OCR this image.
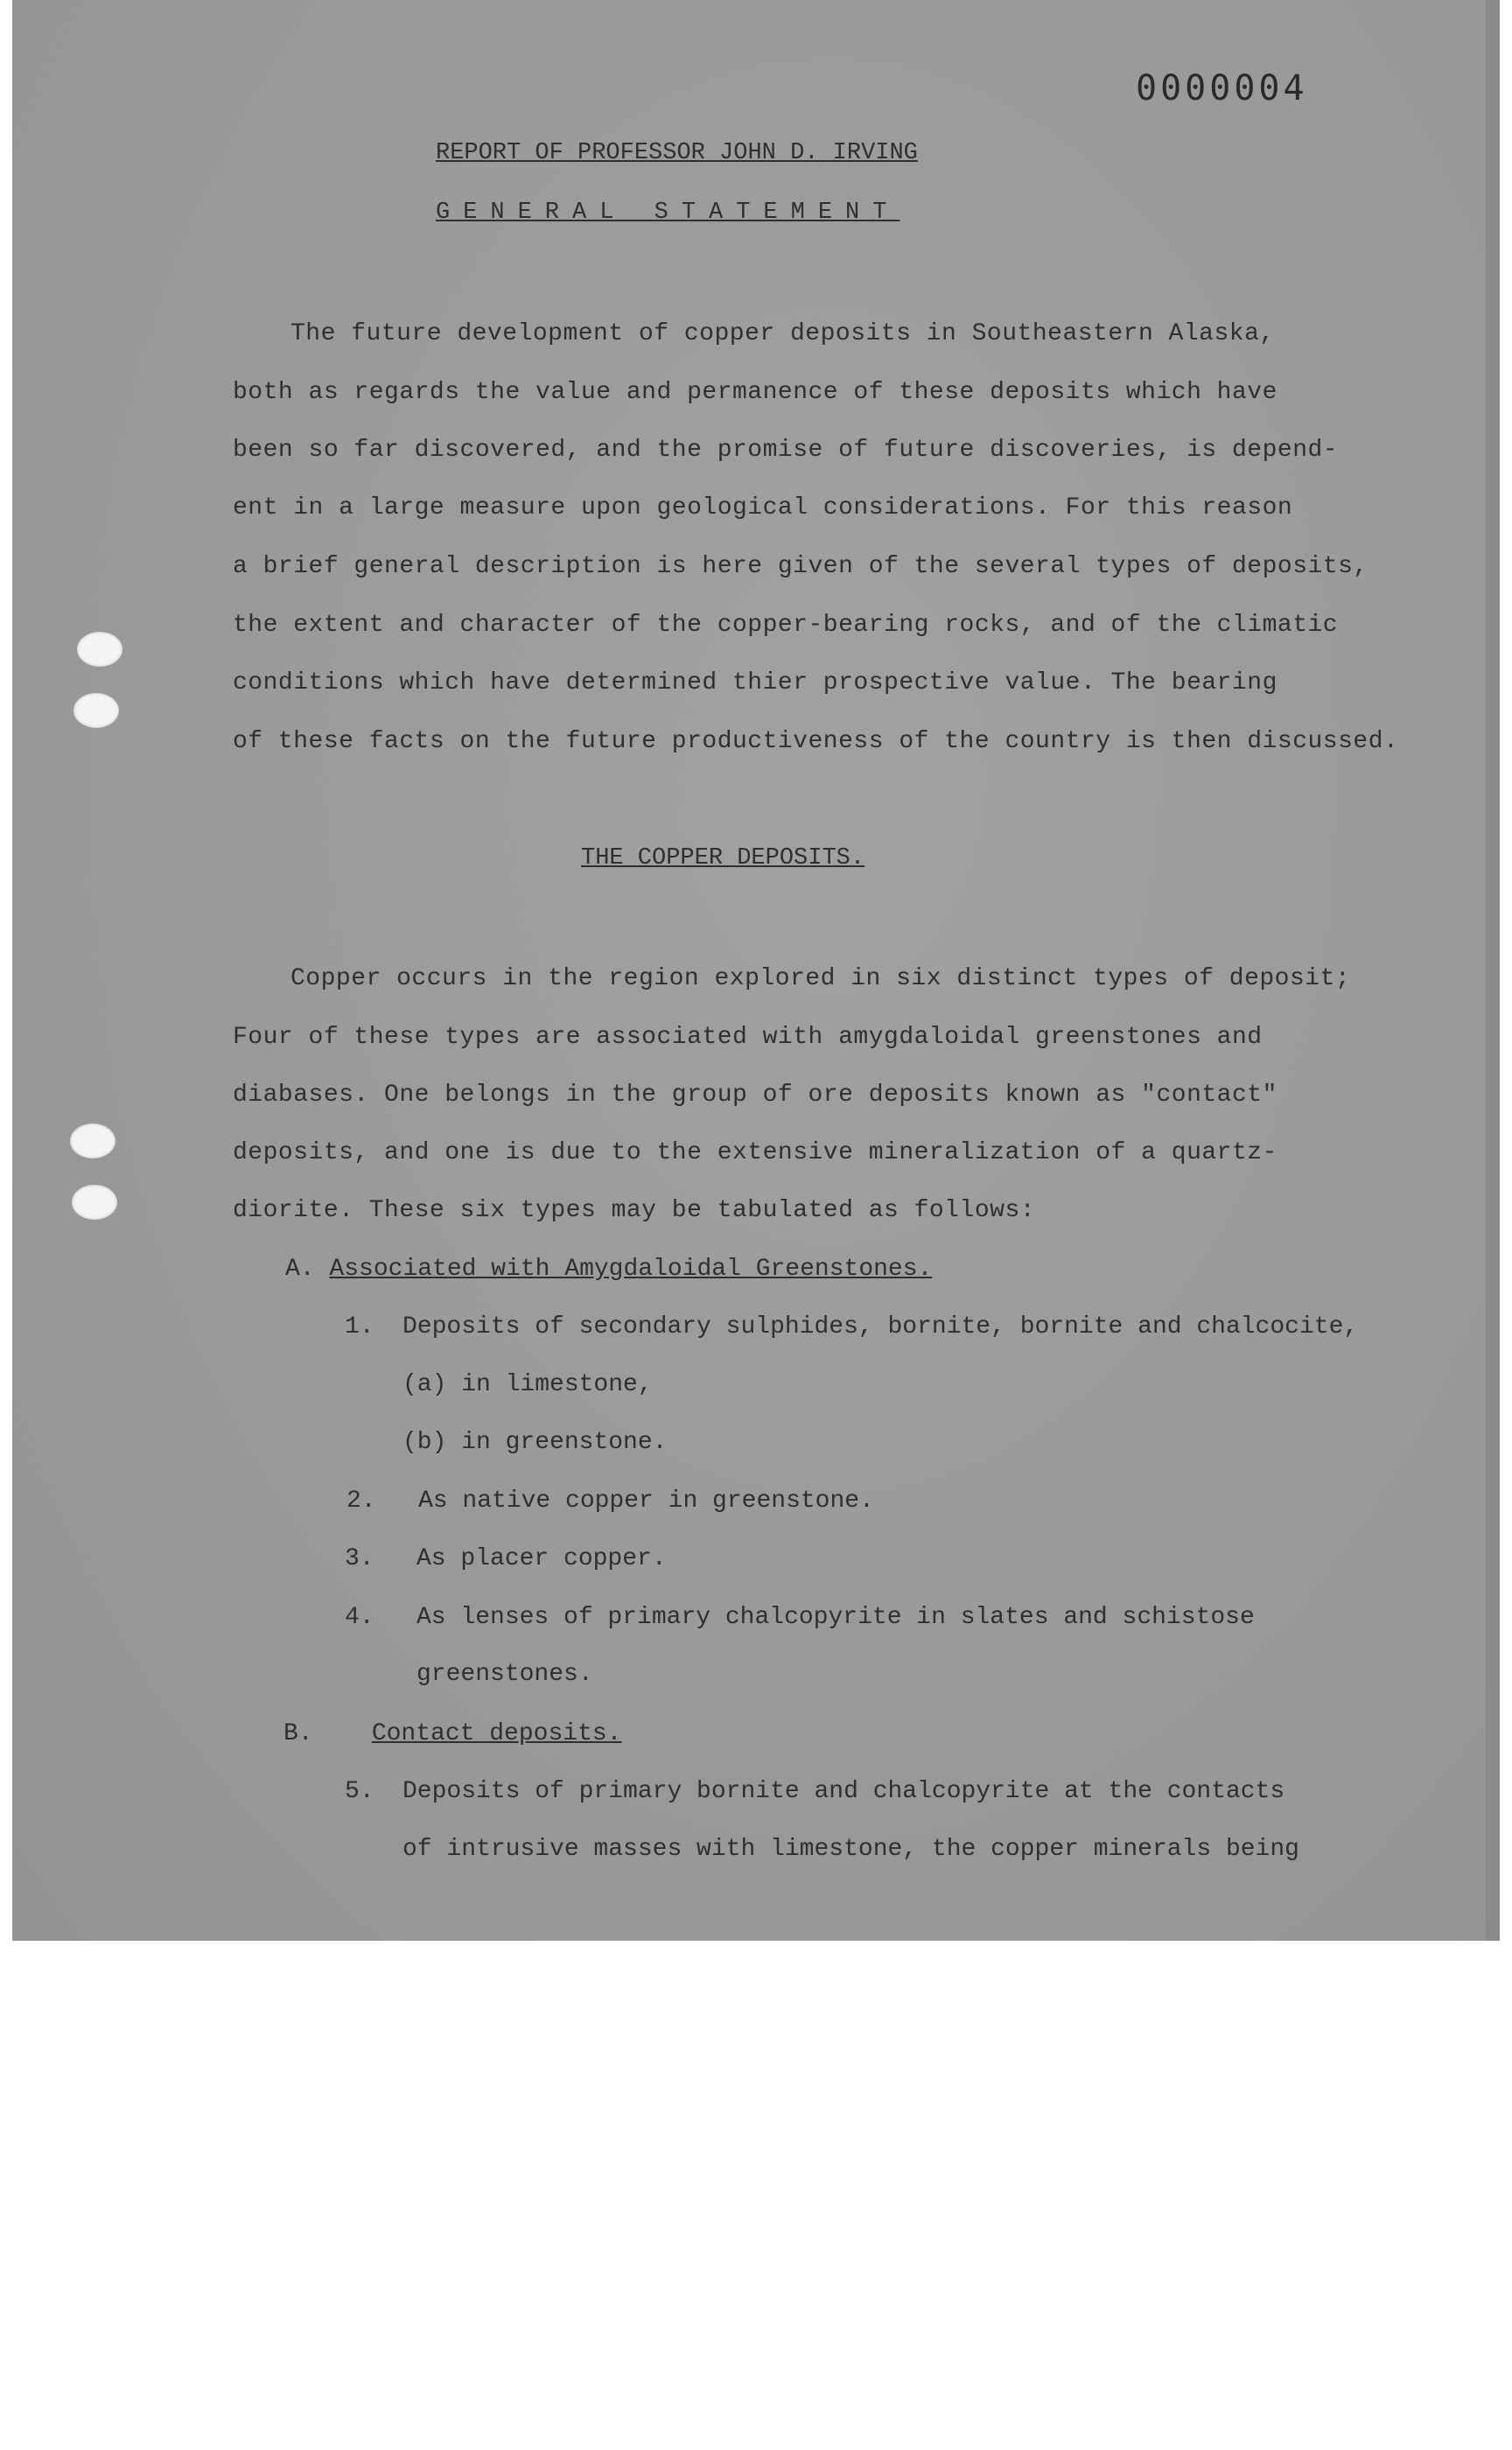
0000004
REPORT OF PROFESSOR JOHN D. IRVING
GENERAL STATEMENT
The future development of copper deposits in Southeastern Alaska,
both as regards the value and permanence of these deposits which have
been so far discovered, and the promise of future discoveries, is depend-
ent in a large measure upon geological considerations. For this reason
a brief general description is here given of the several types of deposits,
the extent and character of the copper-bearing rocks, and of the climatic
conditions which have determined thier prospective value. The bearing
of these facts on the future productiveness of the country is then discussed.
THE COPPER DEPOSITS.
Copper occurs in the region explored in six distinct types of deposit;
Four of these types are associated with amygdaloidal greenstones and
diabases. One belongs in the group of ore deposits known as "contact"
deposits, and one is due to the extensive mineralization of a quartz-
diorite. These six types may be tabulated as follows:
A. Associated with Amygdaloidal Greenstones.
1. Deposits of secondary sulphides, bornite, bornite and chalcocite,
(a) in limestone,
(b) in greenstone.
2. As native copper in greenstone.
3. As placer copper.
4. As lenses of primary chalcopyrite in slates and schistose
greenstones.
B. Contact deposits.
5. Deposits of primary bornite and chalcopyrite at the contacts
of intrusive masses with limestone, the copper minerals being
